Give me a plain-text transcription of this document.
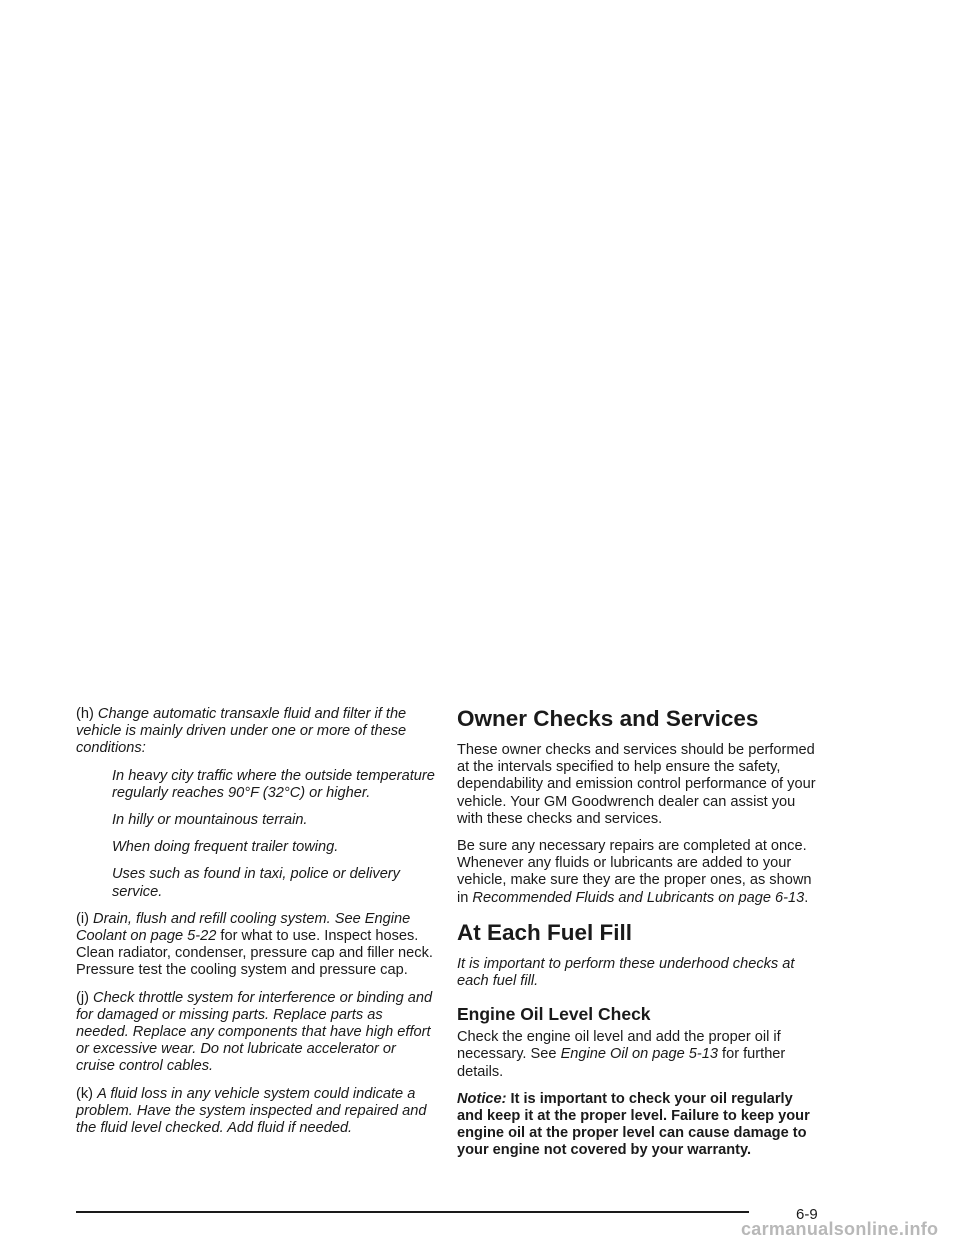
(h) Change automatic transaxle fluid and filter if the vehicle is mainly driven under one or more of these conditions:

In heavy city traffic where the outside temperature regularly reaches 90°F (32°C) or higher.
In hilly or mountainous terrain.
When doing frequent trailer towing.
Uses such as found in taxi, police or delivery service.

(i) Drain, flush and refill cooling system. See Engine Coolant on page 5-22 for what to use. Inspect hoses. Clean radiator, condenser, pressure cap and filler neck. Pressure test the cooling system and pressure cap.

(j) Check throttle system for interference or binding and for damaged or missing parts. Replace parts as needed. Replace any components that have high effort or excessive wear. Do not lubricate accelerator or cruise control cables.

(k) A fluid loss in any vehicle system could indicate a problem. Have the system inspected and repaired and the fluid level checked. Add fluid if needed.

Owner Checks and Services

These owner checks and services should be performed at the intervals specified to help ensure the safety, dependability and emission control performance of your vehicle. Your GM Goodwrench dealer can assist you with these checks and services.

Be sure any necessary repairs are completed at once. Whenever any fluids or lubricants are added to your vehicle, make sure they are the proper ones, as shown in Recommended Fluids and Lubricants on page 6-13.

At Each Fuel Fill

It is important to perform these underhood checks at each fuel fill.

Engine Oil Level Check

Check the engine oil level and add the proper oil if necessary. See Engine Oil on page 5-13 for further details.

Notice: It is important to check your oil regularly and keep it at the proper level. Failure to keep your engine oil at the proper level can cause damage to your engine not covered by your warranty.

6-9
carmanualsonline.info
